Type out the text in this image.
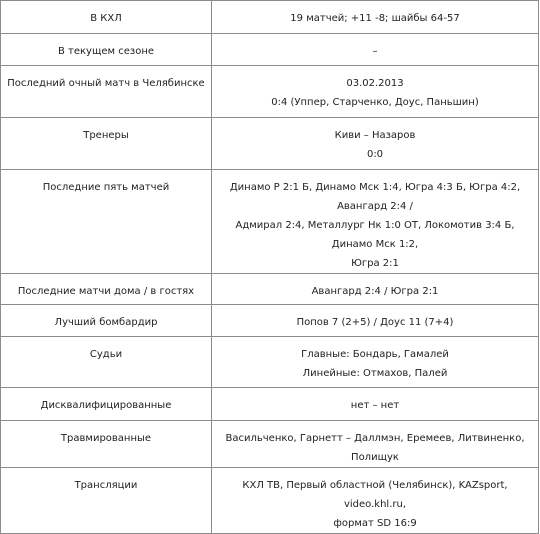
В КХЛ	19 матчей; +11 -8; шайбы 64-57

В текущем сезоне	–

Последний очный матч в Челябинске	03.02.2013
0:4 (Уппер, Старченко, Доус, Паньшин)

Тренеры	Киви – Назаров
0:0

Последние пять матчей	Динамо Р 2:1 Б, Динамо Мск 1:4, Югра 4:3 Б, Югра 4:2, Авангард 2:4 /
Адмирал 2:4, Металлург Нк 1:0 ОТ, Локомотив 3:4 Б, Динамо Мск 1:2,
Югра 2:1

Последние матчи дома / в гостях	Авангард 2:4 / Югра 2:1

Лучший бомбардир	Попов 7 (2+5) / Доус 11 (7+4)

Судьи	Главные: Бондарь, Гамалей
Линейные: Отмахов, Палей

Дисквалифицированные	нет – нет

Травмированные	Васильченко, Гарнетт – Даллмэн, Еремеев, Литвиненко, Полищук

Трансляции	КХЛ ТВ, Первый областной (Челябинск), KAZsport, video.khl.ru,
формат SD 16:9
